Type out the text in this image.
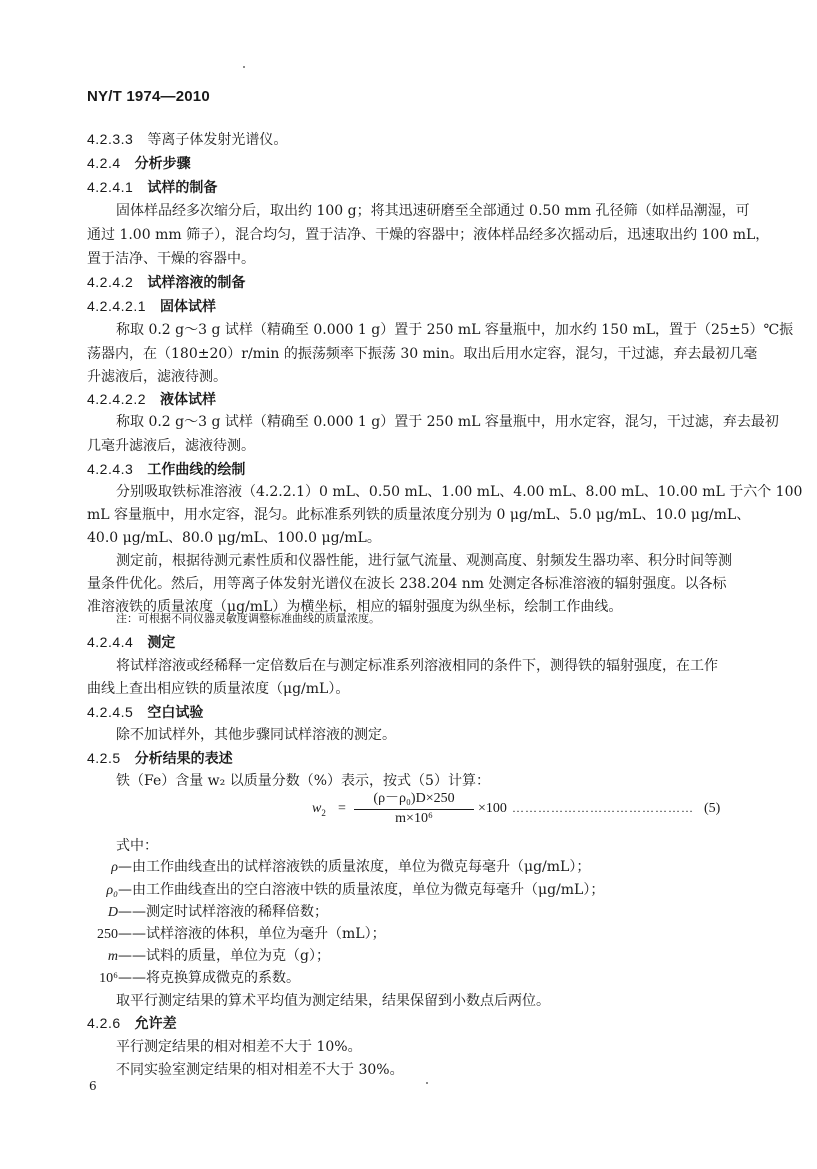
NY/T 1974—2010
4.2.3.3 等离子体发射光谱仪。
4.2.4 分析步骤
4.2.4.1 试样的制备
固体样品经多次缩分后，取出约 100 g；将其迅速研磨至全部通过 0.50 mm 孔径筛（如样品潮湿，可
通过 1.00 mm 筛子），混合均匀，置于洁净、干燥的容器中；液体样品经多次摇动后，迅速取出约 100 mL，
置于洁净、干燥的容器中。
4.2.4.2 试样溶液的制备
4.2.4.2.1 固体试样
称取 0.2 g～3 g 试样（精确至 0.000 1 g）置于 250 mL 容量瓶中，加水约 150 mL，置于（25±5）℃振
荡器内，在（180±20）r/min 的振荡频率下振荡 30 min。取出后用水定容，混匀，干过滤，弃去最初几毫
升滤液后，滤液待测。
4.2.4.2.2 液体试样
称取 0.2 g～3 g 试样（精确至 0.000 1 g）置于 250 mL 容量瓶中，用水定容，混匀，干过滤，弃去最初
几毫升滤液后，滤液待测。
4.2.4.3 工作曲线的绘制
分别吸取铁标准溶液（4.2.2.1）0 mL、0.50 mL、1.00 mL、4.00 mL、8.00 mL、10.00 mL 于六个 100
mL 容量瓶中，用水定容，混匀。此标准系列铁的质量浓度分别为 0 μg/mL、5.0 μg/mL、10.0 μg/mL、
40.0 μg/mL、80.0 μg/mL、100.0 μg/mL。
测定前，根据待测元素性质和仪器性能，进行氩气流量、观测高度、射频发生器功率、积分时间等测
量条件优化。然后，用等离子体发射光谱仪在波长 238.204 nm 处测定各标准溶液的辐射强度。以各标
准溶液铁的质量浓度（μg/mL）为横坐标，相应的辐射强度为纵坐标，绘制工作曲线。
注：可根据不同仪器灵敏度调整标准曲线的质量浓度。
4.2.4.4 测定
将试样溶液或经稀释一定倍数后在与测定标准系列溶液相同的条件下，测得铁的辐射强度，在工作
曲线上查出相应铁的质量浓度（μg/mL）。
4.2.4.5 空白试验
除不加试样外，其他步骤同试样溶液的测定。
4.2.5 分析结果的表述
铁（Fe）含量 w₂ 以质量分数（%）表示，按式（5）计算：
$w_2$ =
(ρ－ρ₀)D×250
m×10⁶
×100 …………………………………… (5)
式中：
ρ—由工作曲线查出的试样溶液铁的质量浓度，单位为微克每毫升（μg/mL）；
ρ₀—由工作曲线查出的空白溶液中铁的质量浓度，单位为微克每毫升（μg/mL）；
D——测定时试样溶液的稀释倍数；
250——试样溶液的体积，单位为毫升（mL）；
m——试料的质量，单位为克（g）；
10⁶——将克换算成微克的系数。
取平行测定结果的算术平均值为测定结果，结果保留到小数点后两位。
4.2.6 允许差
平行测定结果的相对相差不大于 10%。
不同实验室测定结果的相对相差不大于 30%。
6
